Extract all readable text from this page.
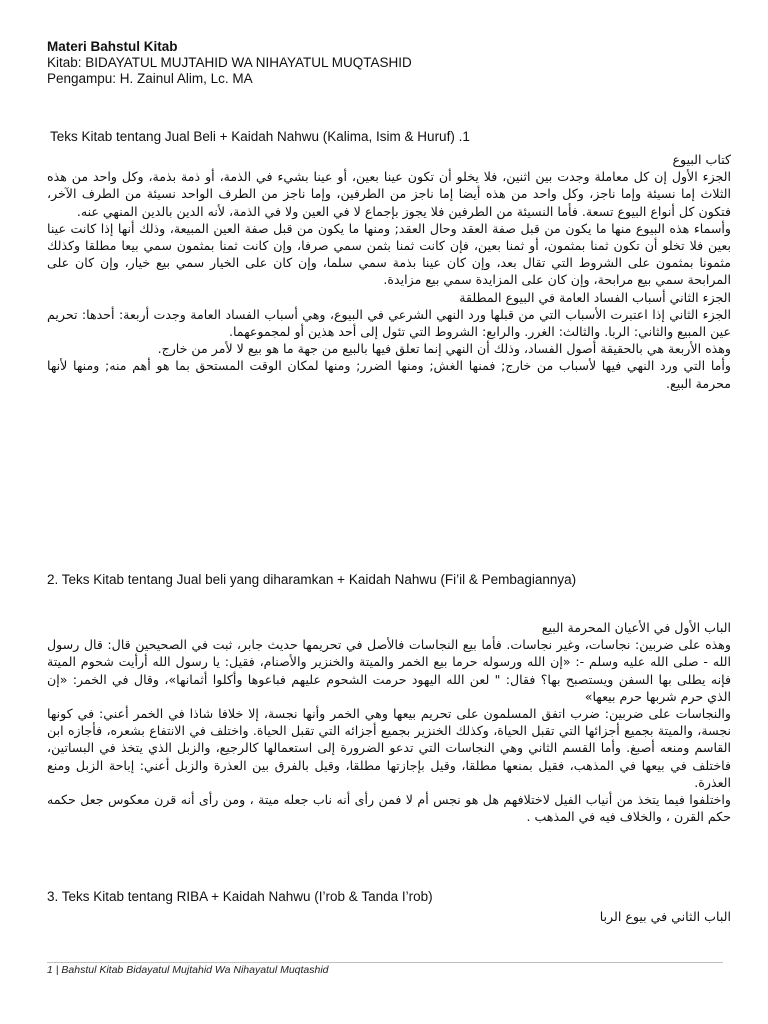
Materi Bahstul Kitab
Kitab: BIDAYATUL MUJTAHID WA NIHAYATUL MUQTASHID
Pengampu: H. Zainul Alim, Lc. MA
Teks Kitab tentang Jual Beli + Kaidah Nahwu (Kalima, Isim & Huruf) .1

كتاب البيوع

الجزء الأول إن كل معاملة وجدت بين اثنين، فلا يخلو أن تكون عينا بعين، أو عينا بشيء في الذمة، أو ذمة بذمة، وكل واحد من هذه الثلاث إما نسيئة وإما ناجز، وكل واحد من هذه أيضا إما ناجز من الطرفين، وإما ناجز من الطرف الواحد نسيئة من الطرف الآخر، فتكون كل أنواع البيوع تسعة. فأما النسيئة من الطرفين فلا يجوز بإجماع لا في العين ولا في الذمة، لأنه الدين بالدين المنهي عنه.

وأسماء هذه البيوع منها ما يكون من قبل صفة العقد وحال العقد; ومنها ما يكون من قبل صفة العين المبيعة، وذلك أنها إذا كانت عينا بعين فلا تخلو أن تكون ثمنا بمثمون، أو ثمنا بعين، فإن كانت ثمنا بثمن سمي صرفا، وإن كانت ثمنا بمثمون سمي بيعا مطلقا وكذلك مثمونا بمثمون على الشروط التي تقال بعد، وإن كان عينا بذمة سمي سلما، وإن كان على الخيار سمي بيع خيار، وإن كان على المرابحة سمي بيع مرابحة، وإن كان على المزايدة سمي بيع مزايدة.

الجزء الثاني أسباب الفساد العامة في البيوع المطلقة

الجزء الثاني إذا اعتبرت الأسباب التي من قبلها ورد النهي الشرعي في البيوع، وهي أسباب الفساد العامة وجدت أربعة: أحدها: تحريم عين المبيع والثاني: الربا. والثالث: الغرر. والرابع: الشروط التي تئول إلى أحد هذين أو لمجموعهما.

وهذه الأربعة هي بالحقيقة أصول الفساد، وذلك أن النهي إنما تعلق فيها بالبيع من جهة ما هو بيع لا لأمر من خارج.

وأما التي ورد النهي فيها لأسباب من خارج; فمنها الغش; ومنها الضرر; ومنها لمكان الوقت المستحق بما هو أهم منه; ومنها لأنها محرمة البيع.

2. Teks Kitab tentang Jual beli yang diharamkan + Kaidah Nahwu (Fi’il & Pembagiannya)

الباب الأول في الأعيان المحرمة البيع

وهذه على ضربين: نجاسات، وغير نجاسات. فأما بيع النجاسات فالأصل في تحريمها حديث جابر، ثبت في الصحيحين قال: قال رسول الله - صلى الله عليه وسلم -: «إن الله ورسوله حرما بيع الخمر والميتة والخنزير والأصنام، فقيل: يا رسول الله أرأيت شحوم الميتة فإنه يطلى بها السفن ويستصبح بها؟ فقال: " لعن الله اليهود حرمت الشحوم عليهم فباعوها وأكلوا أثمانها»، وقال في الخمر: «إن الذي حرم شربها حرم بيعها»

والنجاسات على ضربين: ضرب اتفق المسلمون على تحريم بيعها وهي الخمر وأنها نجسة، إلا خلافا شاذا في الخمر أعني: في كونها نجسة، والميتة بجميع أجزائها التي تقبل الحياة، وكذلك الخنزير بجميع أجزائه التي تقبل الحياة. واختلف في الانتفاع بشعره، فأجازه ابن القاسم ومنعه أصبغ. وأما القسم الثاني وهي النجاسات التي تدعو الضرورة إلى استعمالها كالرجيع، والزبل الذي يتخذ في البساتين، فاختلف في بيعها في المذهب، فقيل بمنعها مطلقا، وقيل بإجازتها مطلقا، وقيل بالفرق بين العذرة والزبل أعني: إباحة الزبل ومنع العذرة.

واختلفوا فيما يتخذ من أنياب الفيل لاختلافهم هل هو نجس أم لا فمن رأى أنه ناب جعله ميتة ، ومن رأى أنه قرن معكوس جعل حكمه حكم القرن ، والخلاف فيه في المذهب .

3. Teks Kitab tentang RIBA + Kaidah Nahwu (I’rob & Tanda I’rob)

الباب الثاني في بيوع الربا

1 | Bahstul Kitab Bidayatul Mujtahid Wa Nihayatul Muqtashid
